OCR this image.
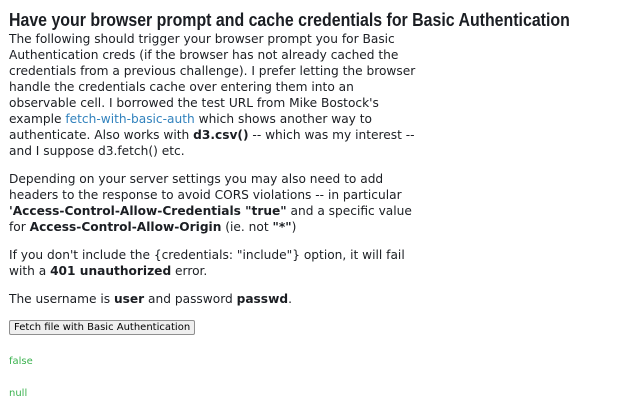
Have your browser prompt and cache credentials for Basic Authentication

The following should trigger your browser prompt you for Basic Authentication creds (if the browser has not already cached the credentials from a previous challenge). I prefer letting the browser handle the credentials cache over entering them into an observable cell. I borrowed the test URL from Mike Bostock's example fetch-with-basic-auth which shows another way to authenticate. Also works with d3.csv() -- which was my interest -- and I suppose d3.fetch() etc.

Depending on your server settings you may also need to add headers to the response to avoid CORS violations -- in particular 'Access-Control-Allow-Credentials "true" and a specific value for Access-Control-Allow-Origin (ie. not "*")

If you don't include the {credentials: "include"} option, it will fail with a 401 unauthorized error.

The username is user and password passwd.

Fetch file with Basic Authentication
false
null
